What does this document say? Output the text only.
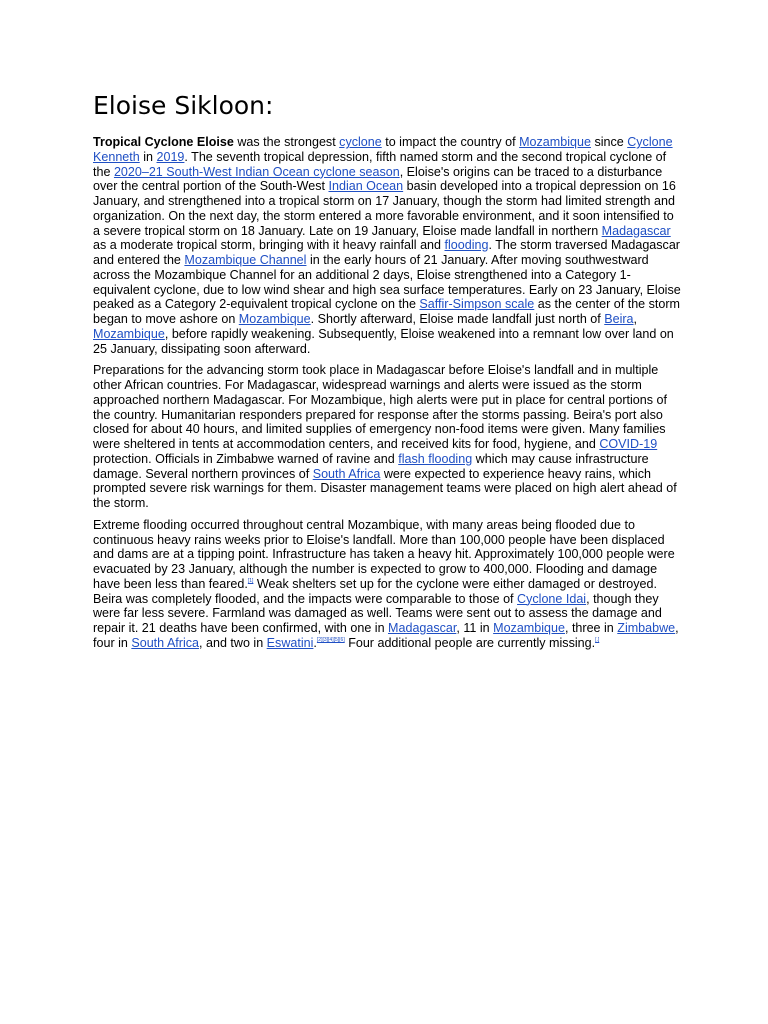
Eloise Sikloon:

Tropical Cyclone Eloise was the strongest cyclone to impact the country of Mozambique since Cyclone Kenneth in 2019. The seventh tropical depression, fifth named storm and the second tropical cyclone of the 2020–21 South-West Indian Ocean cyclone season, Eloise's origins can be traced to a disturbance over the central portion of the South-West Indian Ocean basin developed into a tropical depression on 16 January, and strengthened into a tropical storm on 17 January, though the storm had limited strength and organization. On the next day, the storm entered a more favorable environment, and it soon intensified to a severe tropical storm on 18 January. Late on 19 January, Eloise made landfall in northern Madagascar as a moderate tropical storm, bringing with it heavy rainfall and flooding. The storm traversed Madagascar and entered the Mozambique Channel in the early hours of 21 January. After moving southwestward across the Mozambique Channel for an additional 2 days, Eloise strengthened into a Category 1-equivalent cyclone, due to low wind shear and high sea surface temperatures. Early on 23 January, Eloise peaked as a Category 2-equivalent tropical cyclone on the Saffir-Simpson scale as the center of the storm began to move ashore on Mozambique. Shortly afterward, Eloise made landfall just north of Beira, Mozambique, before rapidly weakening. Subsequently, Eloise weakened into a remnant low over land on 25 January, dissipating soon afterward.

Preparations for the advancing storm took place in Madagascar before Eloise's landfall and in multiple other African countries. For Madagascar, widespread warnings and alerts were issued as the storm approached northern Madagascar. For Mozambique, high alerts were put in place for central portions of the country. Humanitarian responders prepared for response after the storms passing. Beira's port also closed for about 40 hours, and limited supplies of emergency non-food items were given. Many families were sheltered in tents at accommodation centers, and received kits for food, hygiene, and COVID-19 protection. Officials in Zimbabwe warned of ravine and flash flooding which may cause infrastructure damage. Several northern provinces of South Africa were expected to experience heavy rains, which prompted severe risk warnings for them. Disaster management teams were placed on high alert ahead of the storm.

Extreme flooding occurred throughout central Mozambique, with many areas being flooded due to continuous heavy rains weeks prior to Eloise's landfall. More than 100,000 people have been displaced and dams are at a tipping point. Infrastructure has taken a heavy hit. Approximately 100,000 people were evacuated by 23 January, although the number is expected to grow to 400,000. Flooding and damage have been less than feared.[1] Weak shelters set up for the cyclone were either damaged or destroyed. Beira was completely flooded, and the impacts were comparable to those of Cyclone Idai, though they were far less severe. Farmland was damaged as well. Teams were sent out to assess the damage and repair it. 21 deaths have been confirmed, with one in Madagascar, 11 in Mozambique, three in Zimbabwe, four in South Africa, and two in Eswatini.[2][3][4][5][6] Four additional people are currently missing.[.]
